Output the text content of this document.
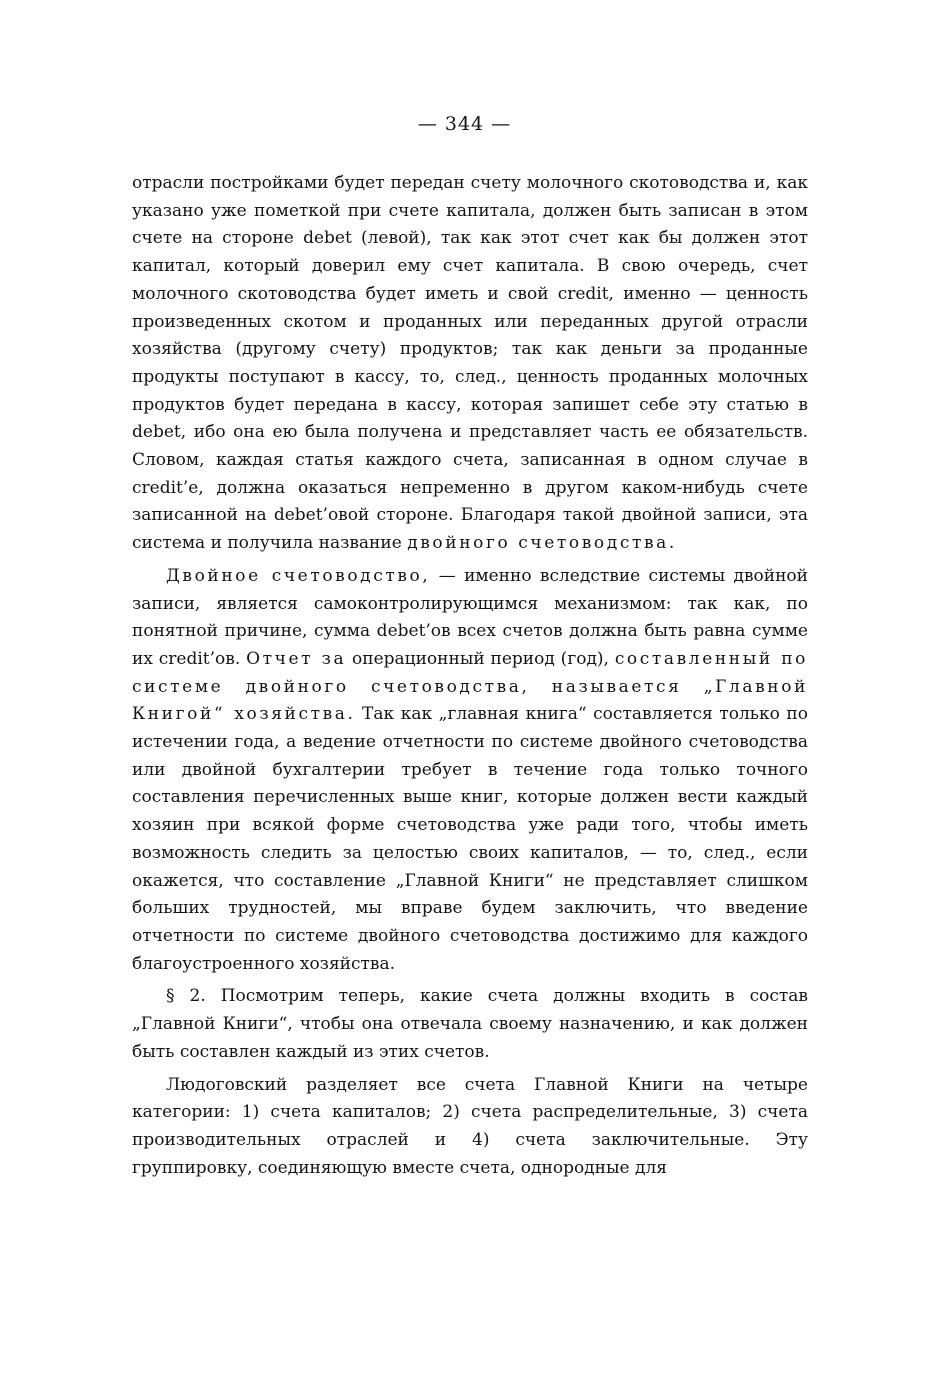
— 344 —

отрасли постройками будет передан счету молочного скотоводства и, как указано уже пометкой при счете капитала, должен быть записан в этом счете на стороне debet (левой), так как этот счет как бы должен этот капитал, который доверил ему счет капитала. В свою очередь, счет молочного скотоводства будет иметь и свой credit, именно — ценность произведенных скотом и проданных или переданных другой отрасли хозяйства (другому счету) продуктов; так как деньги за проданные продукты поступают в кассу, то, след., ценность проданных молочных продуктов будет передана в кассу, которая запишет себе эту статью в debet, ибо она ею была получена и представляет часть ее обязательств. Словом, каждая статья каждого счета, записанная в одном случае в credit’e, должна оказаться непременно в другом каком-нибудь счете записанной на debet’овой стороне. Благодаря такой двойной записи, эта система и получила название двойного счетоводства.

Двойное счетоводство, — именно вследствие системы двойной записи, является самоконтролирующимся механизмом: так как, по понятной причине, сумма debet’ов всех счетов должна быть равна сумме их credit’ов. Отчет за операционный период (год), составленный по системе двойного счетоводства, называется „Главной Книгой“ хозяйства. Так как „главная книга“ составляется только по истечении года, а ведение отчетности по системе двойного счетоводства или двойной бухгалтерии требует в течение года только точного составления перечисленных выше книг, которые должен вести каждый хозяин при всякой форме счетоводства уже ради того, чтобы иметь возможность следить за целостью своих капиталов, — то, след., если окажется, что составление „Главной Книги“ не представляет слишком больших трудностей, мы вправе будем заключить, что введение отчетности по системе двойного счетоводства достижимо для каждого благоустроенного хозяйства.

§ 2. Посмотрим теперь, какие счета должны входить в состав „Главной Книги“, чтобы она отвечала своему назначению, и как должен быть составлен каждый из этих счетов.

Людоговский разделяет все счета Главной Книги на четыре категории: 1) счета капиталов; 2) счета распределительные, 3) счета производительных отраслей и 4) счета заключительные. Эту группировку, соединяющую вместе счета, однородные для
